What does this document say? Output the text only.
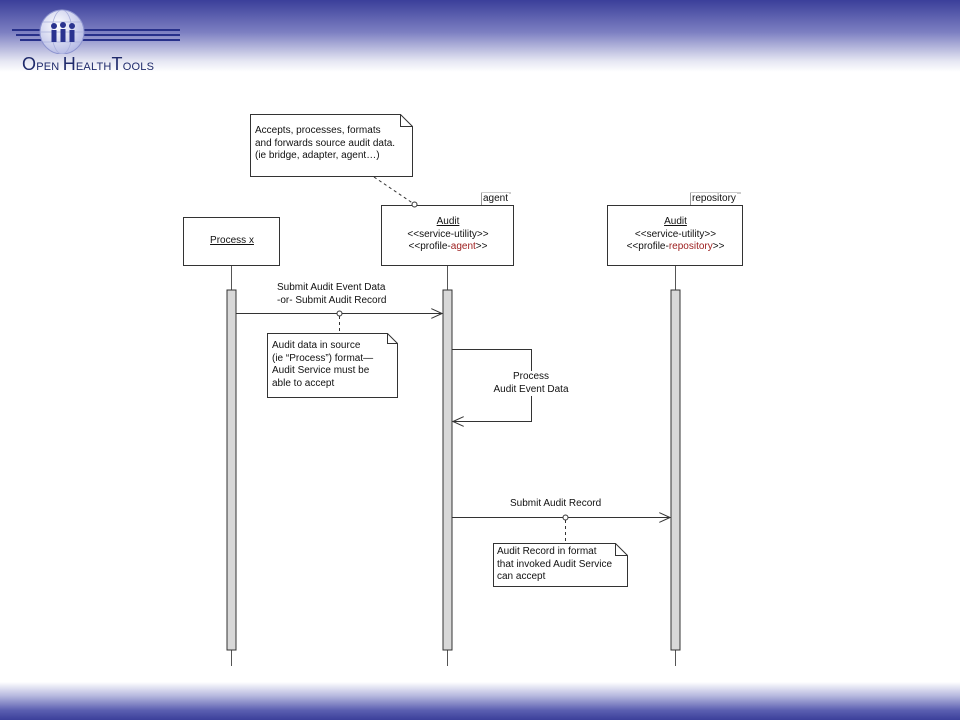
OPEN HEALTHTOOLS
Process x
agent
Audit
<<service-utility>>
<<profile-agent>>
repository
Audit
<<service-utility>>
<<profile-repository>>
Accepts, processes, formats
and forwards source audit data.
(ie bridge, adapter, agent…)
Audit data in source
(ie “Process”) format—
Audit Service must be
able to accept
Audit Record in format
that invoked Audit Service
can accept
Submit Audit Event Data
-or- Submit Audit Record
Process
Audit Event Data
Submit Audit Record
